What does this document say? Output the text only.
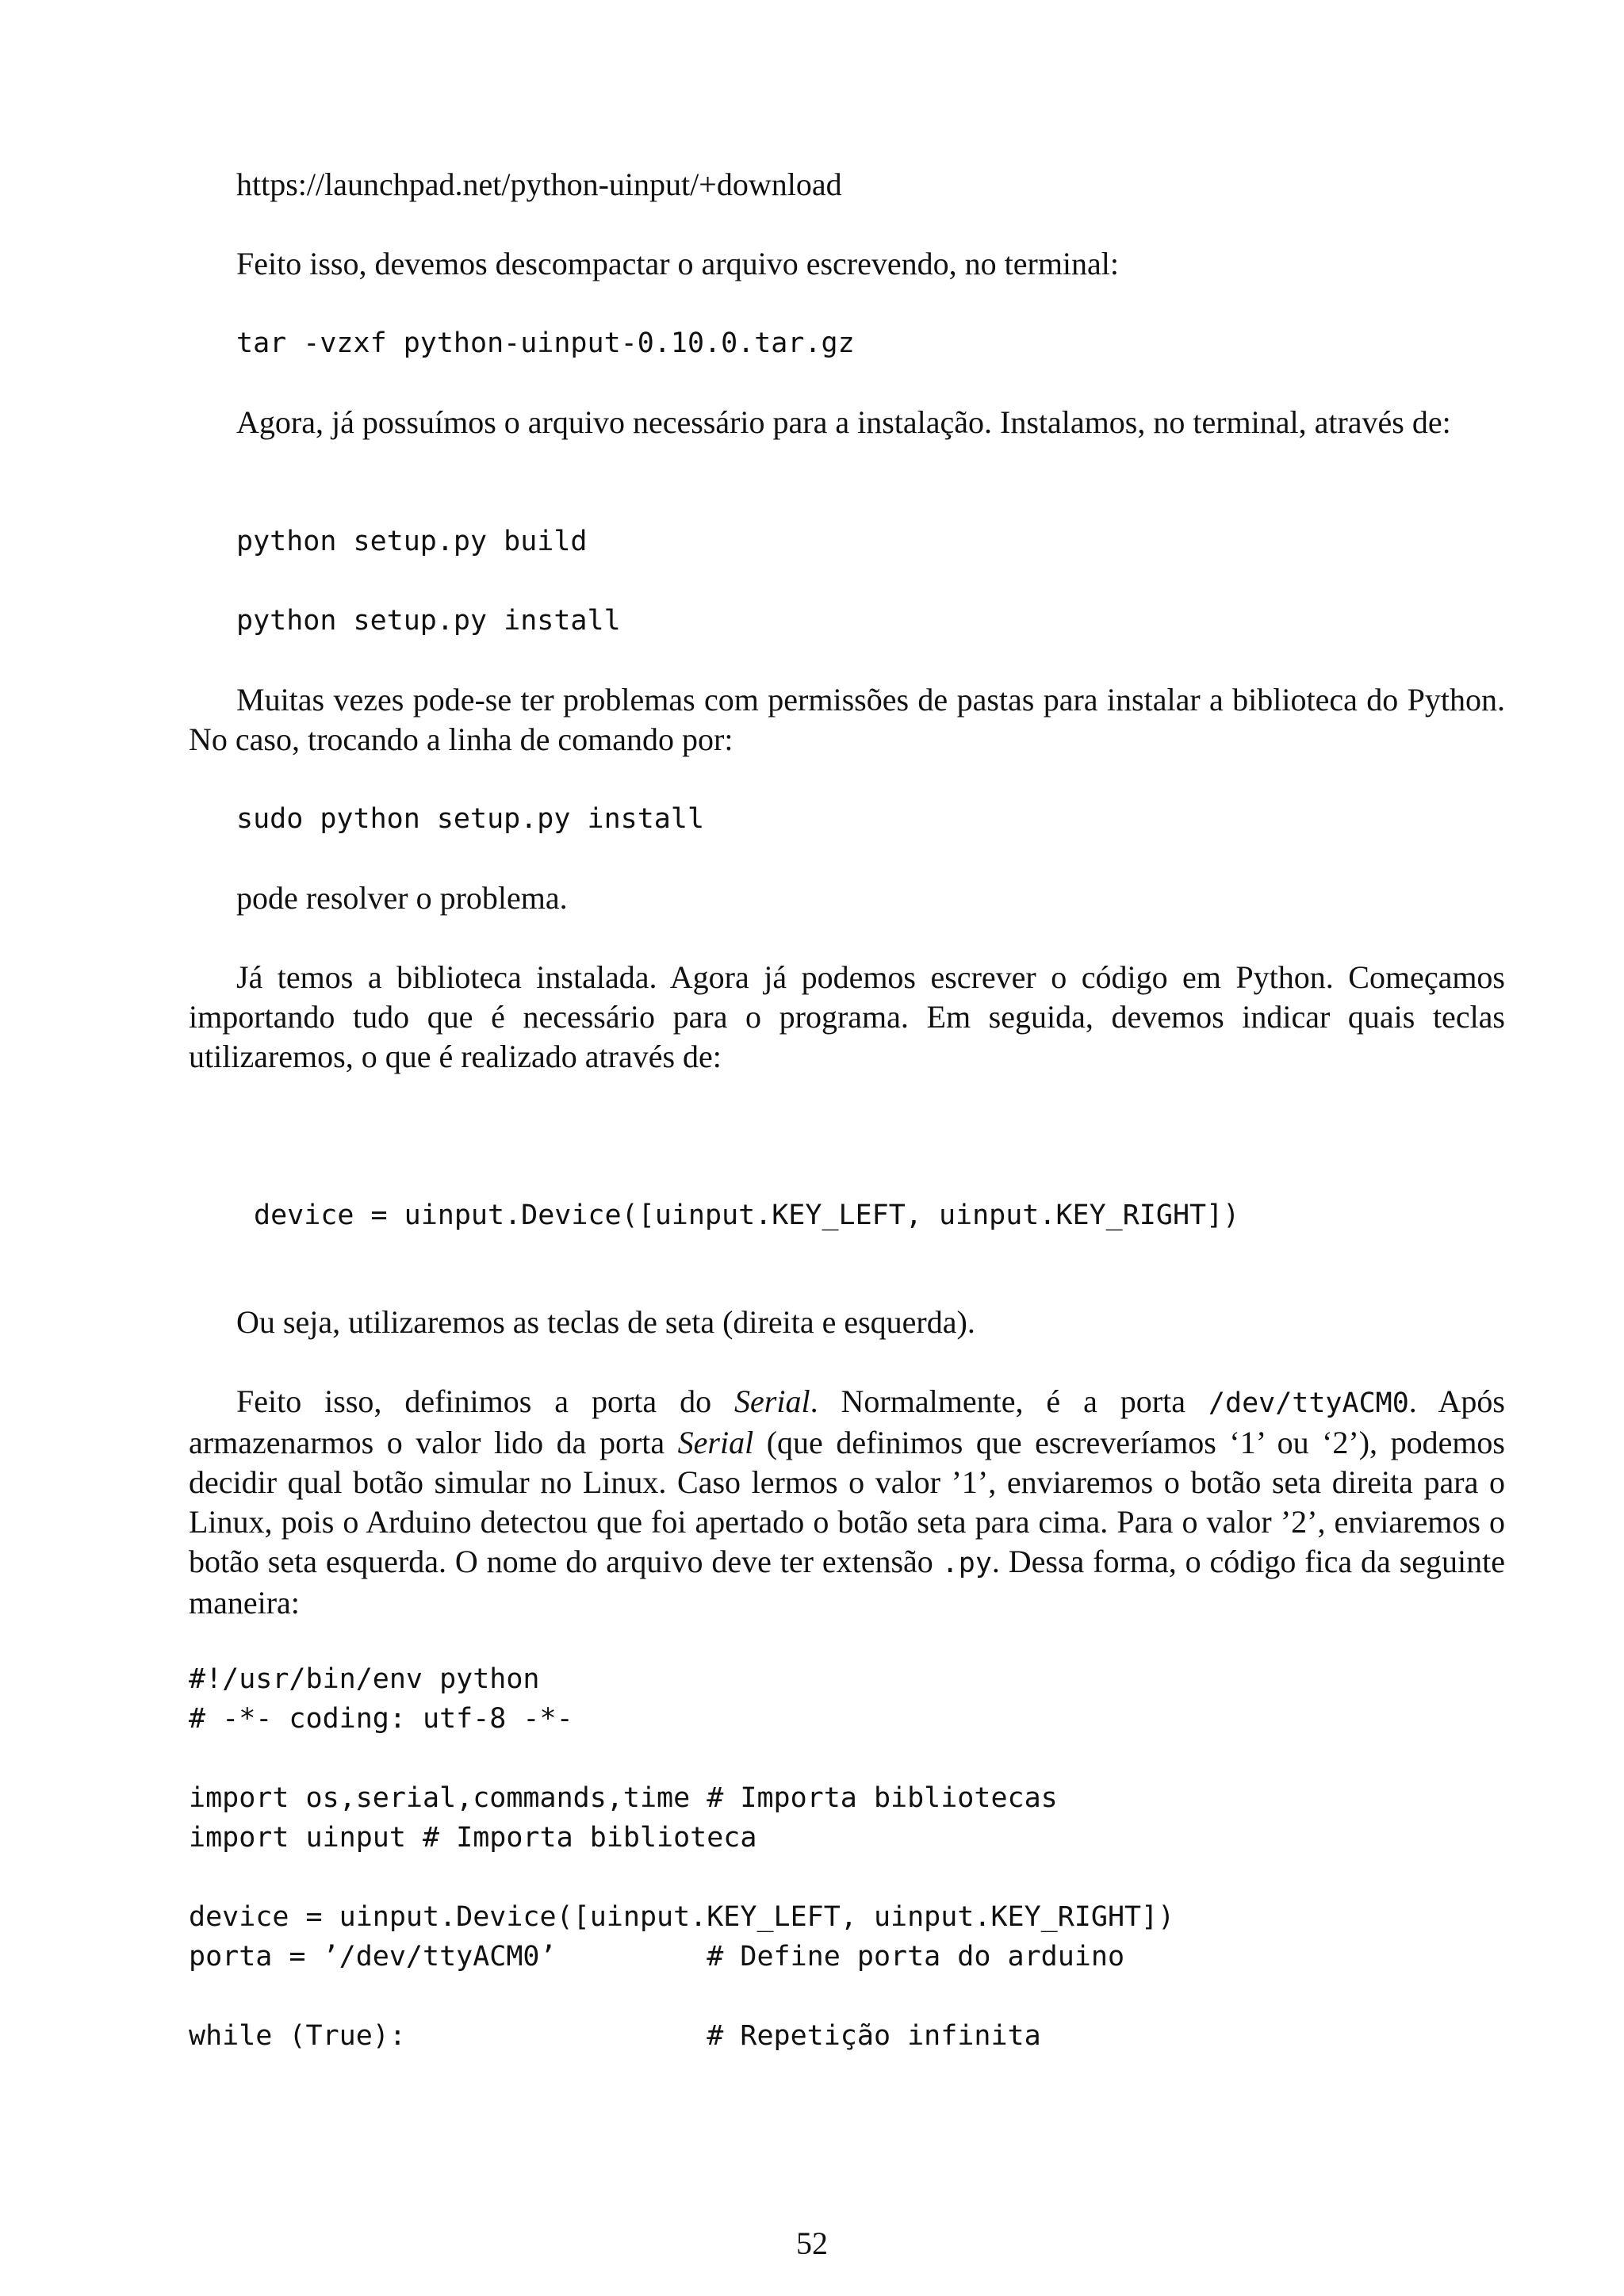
https://launchpad.net/python-uinput/+download
Feito isso, devemos descompactar o arquivo escrevendo, no terminal:
tar -vzxf python-uinput-0.10.0.tar.gz
Agora, já possuímos o arquivo necessário para a instalação. Instalamos, no terminal, através de:
python setup.py build
python setup.py install
Muitas vezes pode-se ter problemas com permissões de pastas para instalar a biblioteca do Python. No caso, trocando a linha de comando por:
sudo python setup.py install
pode resolver o problema.
Já temos a biblioteca instalada. Agora já podemos escrever o código em Python. Começamos importando tudo que é necessário para o programa. Em seguida, devemos indicar quais teclas utilizaremos, o que é realizado através de:
device = uinput.Device([uinput.KEY_LEFT, uinput.KEY_RIGHT])
Ou seja, utilizaremos as teclas de seta (direita e esquerda).
Feito isso, definimos a porta do Serial. Normalmente, é a porta /dev/ttyACM0. Após armazenarmos o valor lido da porta Serial (que definimos que escreveríamos ‘1’ ou ‘2’), podemos decidir qual botão simular no Linux. Caso lermos o valor ’1’, enviaremos o botão seta direita para o Linux, pois o Arduino detectou que foi apertado o botão seta para cima. Para o valor ’2’, enviaremos o botão seta esquerda. O nome do arquivo deve ter extensão .py. Dessa forma, o código fica da seguinte maneira:
#!/usr/bin/env python
# -*- coding: utf-8 -*-

import os,serial,commands,time # Importa bibliotecas
import uinput # Importa biblioteca

device = uinput.Device([uinput.KEY_LEFT, uinput.KEY_RIGHT])
porta = ’/dev/ttyACM0’         # Define porta do arduino

while (True):                  # Repetição infinita
52
